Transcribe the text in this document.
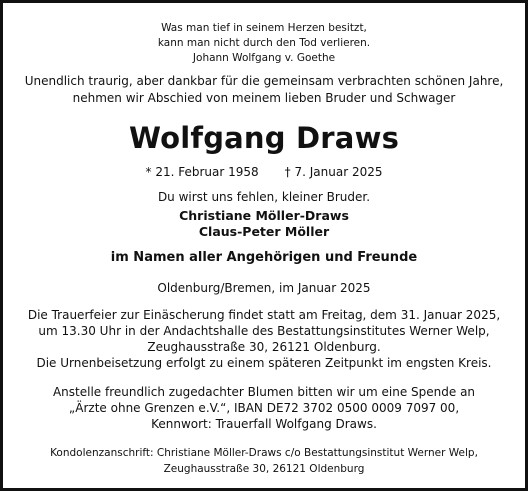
Was man tief in seinem Herzen besitzt,
kann man nicht durch den Tod verlieren.
Johann Wolfgang v. Goethe
Unendlich traurig, aber dankbar für die gemeinsam verbrachten schönen Jahre,
nehmen wir Abschied von meinem lieben Bruder und Schwager
Wolfgang Draws
* 21. Februar 1958 † 7. Januar 2025
Du wirst uns fehlen, kleiner Bruder.
Christiane Möller-Draws
Claus-Peter Möller
im Namen aller Angehörigen und Freunde
Oldenburg/Bremen, im Januar 2025
Die Trauerfeier zur Einäscherung findet statt am Freitag, dem 31. Januar 2025,
um 13.30 Uhr in der Andachtshalle des Bestattungsinstitutes Werner Welp,
Zeughausstraße 30, 26121 Oldenburg.
Die Urnenbeisetzung erfolgt zu einem späteren Zeitpunkt im engsten Kreis.
Anstelle freundlich zugedachter Blumen bitten wir um eine Spende an
„Ärzte ohne Grenzen e.V.“, IBAN DE72 3702 0500 0009 7097 00,
Kennwort: Trauerfall Wolfgang Draws.
Kondolenzanschrift: Christiane Möller-Draws c/o Bestattungsinstitut Werner Welp,
Zeughausstraße 30, 26121 Oldenburg
